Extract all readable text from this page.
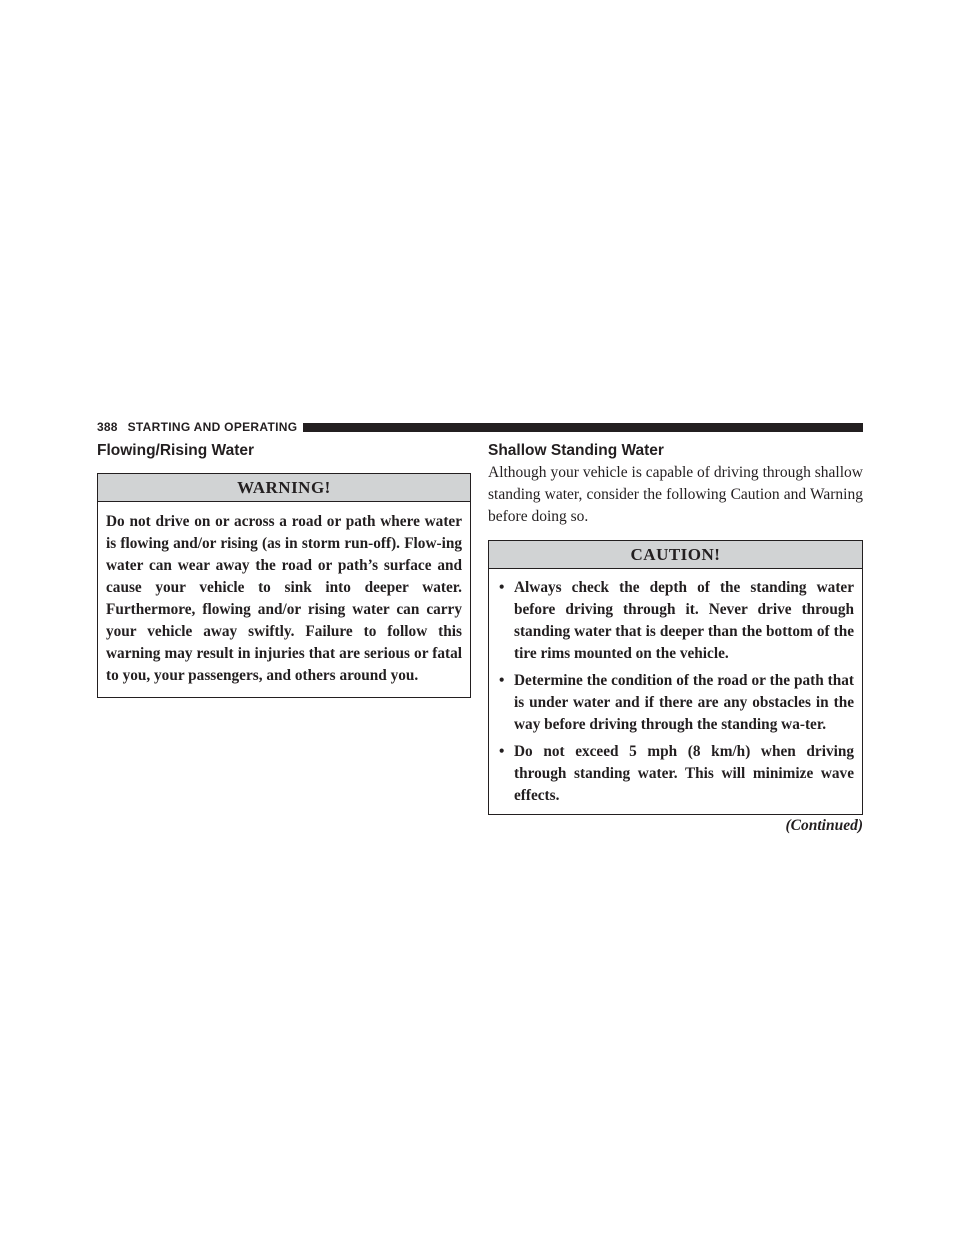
388 STARTING AND OPERATING
Flowing/Rising Water
WARNING!
Do not drive on or across a road or path where water is flowing and/or rising (as in storm run-off). Flow-ing water can wear away the road or path’s surface and cause your vehicle to sink into deeper water. Furthermore, flowing and/or rising water can carry your vehicle away swiftly. Failure to follow this warning may result in injuries that are serious or fatal to you, your passengers, and others around you.
Shallow Standing Water

Although your vehicle is capable of driving through shallow standing water, consider the following Caution and Warning before doing so.

CAUTION!
• Always check the depth of the standing water before driving through it. Never drive through standing water that is deeper than the bottom of the tire rims mounted on the vehicle.
• Determine the condition of the road or the path that is under water and if there are any obstacles in the way before driving through the standing wa-ter.
• Do not exceed 5 mph (8 km/h) when driving through standing water. This will minimize wave effects.
(Continued)
